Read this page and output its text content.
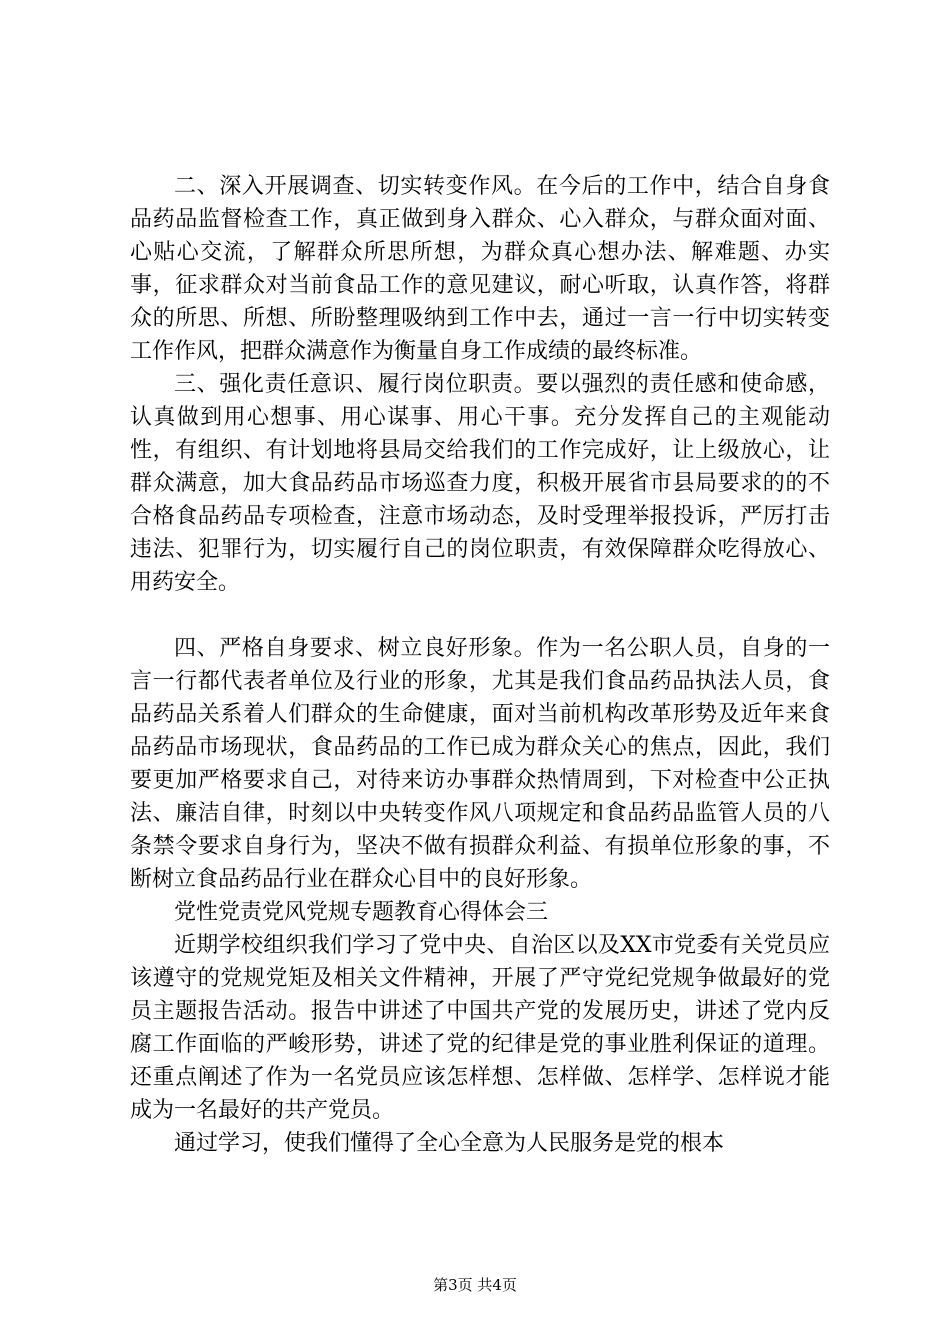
二、深入开展调查、切实转变作风。在今后的工作中，结合自身食品药品监督检查工作，真正做到身入群众、心入群众，与群众面对面、心贴心交流，了解群众所思所想，为群众真心想办法、解难题、办实事，征求群众对当前食品工作的意见建议，耐心听取，认真作答，将群众的所思、所想、所盼整理吸纳到工作中去，通过一言一行中切实转变工作作风，把群众满意作为衡量自身工作成绩的最终标准。

三、强化责任意识、履行岗位职责。要以强烈的责任感和使命感，认真做到用心想事、用心谋事、用心干事。充分发挥自己的主观能动性，有组织、有计划地将县局交给我们的工作完成好，让上级放心，让群众满意，加大食品药品市场巡查力度，积极开展省市县局要求的的不合格食品药品专项检查，注意市场动态，及时受理举报投诉，严厉打击违法、犯罪行为，切实履行自己的岗位职责，有效保障群众吃得放心、用药安全。

四、严格自身要求、树立良好形象。作为一名公职人员，自身的一言一行都代表者单位及行业的形象，尤其是我们食品药品执法人员，食品药品关系着人们群众的生命健康，面对当前机构改革形势及近年来食品药品市场现状，食品药品的工作已成为群众关心的焦点，因此，我们要更加严格要求自己，对待来访办事群众热情周到，下对检查中公正执法、廉洁自律，时刻以中央转变作风八项规定和食品药品监管人员的八条禁令要求自身行为，坚决不做有损群众利益、有损单位形象的事，不断树立食品药品行业在群众心目中的良好形象。

党性党责党风党规专题教育心得体会三

近期学校组织我们学习了党中央、自治区以及XX市党委有关党员应该遵守的党规党矩及相关文件精神，开展了严守党纪党规争做最好的党员主题报告活动。报告中讲述了中国共产党的发展历史，讲述了党内反腐工作面临的严峻形势，讲述了党的纪律是党的事业胜利保证的道理。还重点阐述了作为一名党员应该怎样想、怎样做、怎样学、怎样说才能成为一名最好的共产党员。

通过学习，使我们懂得了全心全意为人民服务是党的根本

第3页 共4页
